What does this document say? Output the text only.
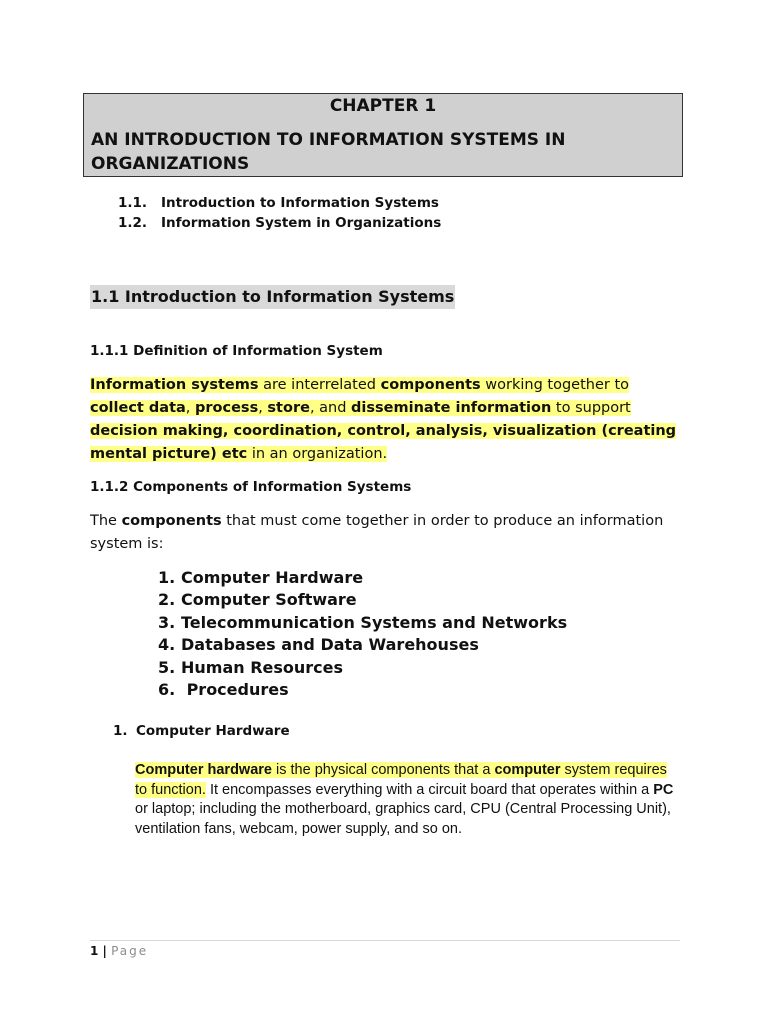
CHAPTER 1
AN INTRODUCTION TO INFORMATION SYSTEMS IN ORGANIZATIONS
1.1. Introduction to Information Systems
1.2. Information System in Organizations
1.1 Introduction to Information Systems
1.1.1 Definition of Information System
Information systems are interrelated components working together to collect data, process, store, and disseminate information to support decision making, coordination, control, analysis, visualization (creating mental picture) etc in an organization.
1.1.2 Components of Information Systems
The components that must come together in order to produce an information system is:
1. Computer Hardware
2. Computer Software
3. Telecommunication Systems and Networks
4. Databases and Data Warehouses
5. Human Resources
6. Procedures
1. Computer Hardware
Computer hardware is the physical components that a computer system requires to function. It encompasses everything with a circuit board that operates within a PC or laptop; including the motherboard, graphics card, CPU (Central Processing Unit), ventilation fans, webcam, power supply, and so on.
1 | Page
